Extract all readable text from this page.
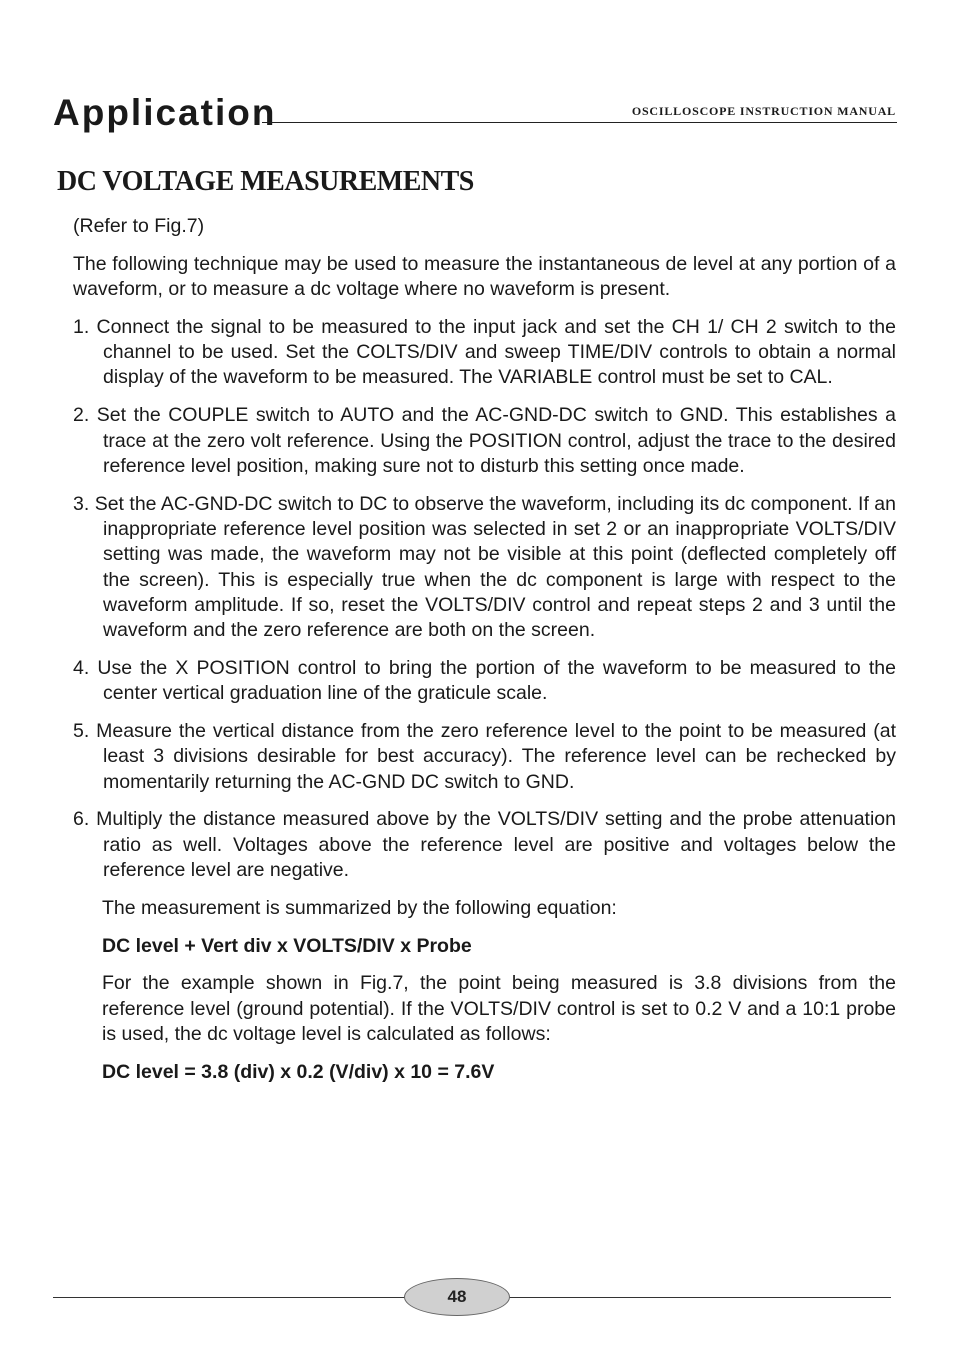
Application	OSCILLOSCOPE INSTRUCTION MANUAL
DC VOLTAGE MEASUREMENTS

(Refer to Fig.7)

The following technique may be used to measure the instantaneous de level at any portion of a waveform, or to measure a dc voltage where no waveform is present.

1. Connect the signal to be measured to the input jack and set the CH 1/ CH 2 switch to the channel to be used. Set the COLTS/DIV and sweep TIME/DIV controls to obtain a normal display of the waveform to be measured. The VARIABLE control must be set to CAL.

2. Set the COUPLE switch to AUTO and the AC-GND-DC switch to GND. This establishes a trace at the zero volt reference. Using the POSITION control, adjust the trace to the desired reference level position, making sure not to disturb this setting once made.

3. Set the AC-GND-DC switch to DC to observe the waveform, including its dc component. If an inappropriate reference level position was selected in set 2 or an inappropriate VOLTS/DIV setting was made, the waveform may not be visible at this point (deflected completely off the screen). This is especially true when the dc component is large with respect to the waveform amplitude. If so, reset the VOLTS/DIV control and repeat steps 2 and 3 until the waveform and the zero reference are both on the screen.

4. Use the X POSITION control to bring the portion of the waveform to be measured to the center vertical graduation line of the graticule scale.

5. Measure the vertical distance from the zero reference level to the point to be measured (at least 3 divisions desirable for best accuracy). The reference level can be rechecked by momentarily returning the AC-GND DC switch to GND.

6. Multiply the distance measured above by the VOLTS/DIV setting and the probe attenuation ratio as well. Voltages above the reference level are positive and voltages below the reference level are negative.

The measurement is summarized by the following equation:

DC level + Vert div x VOLTS/DIV x Probe

For the example shown in Fig.7, the point being measured is 3.8 divisions from the reference level (ground potential). If the VOLTS/DIV control is set to 0.2 V and a 10:1 probe is used, the dc voltage level is calculated as follows:

DC level = 3.8 (div) x 0.2 (V/div) x 10 = 7.6V

48
